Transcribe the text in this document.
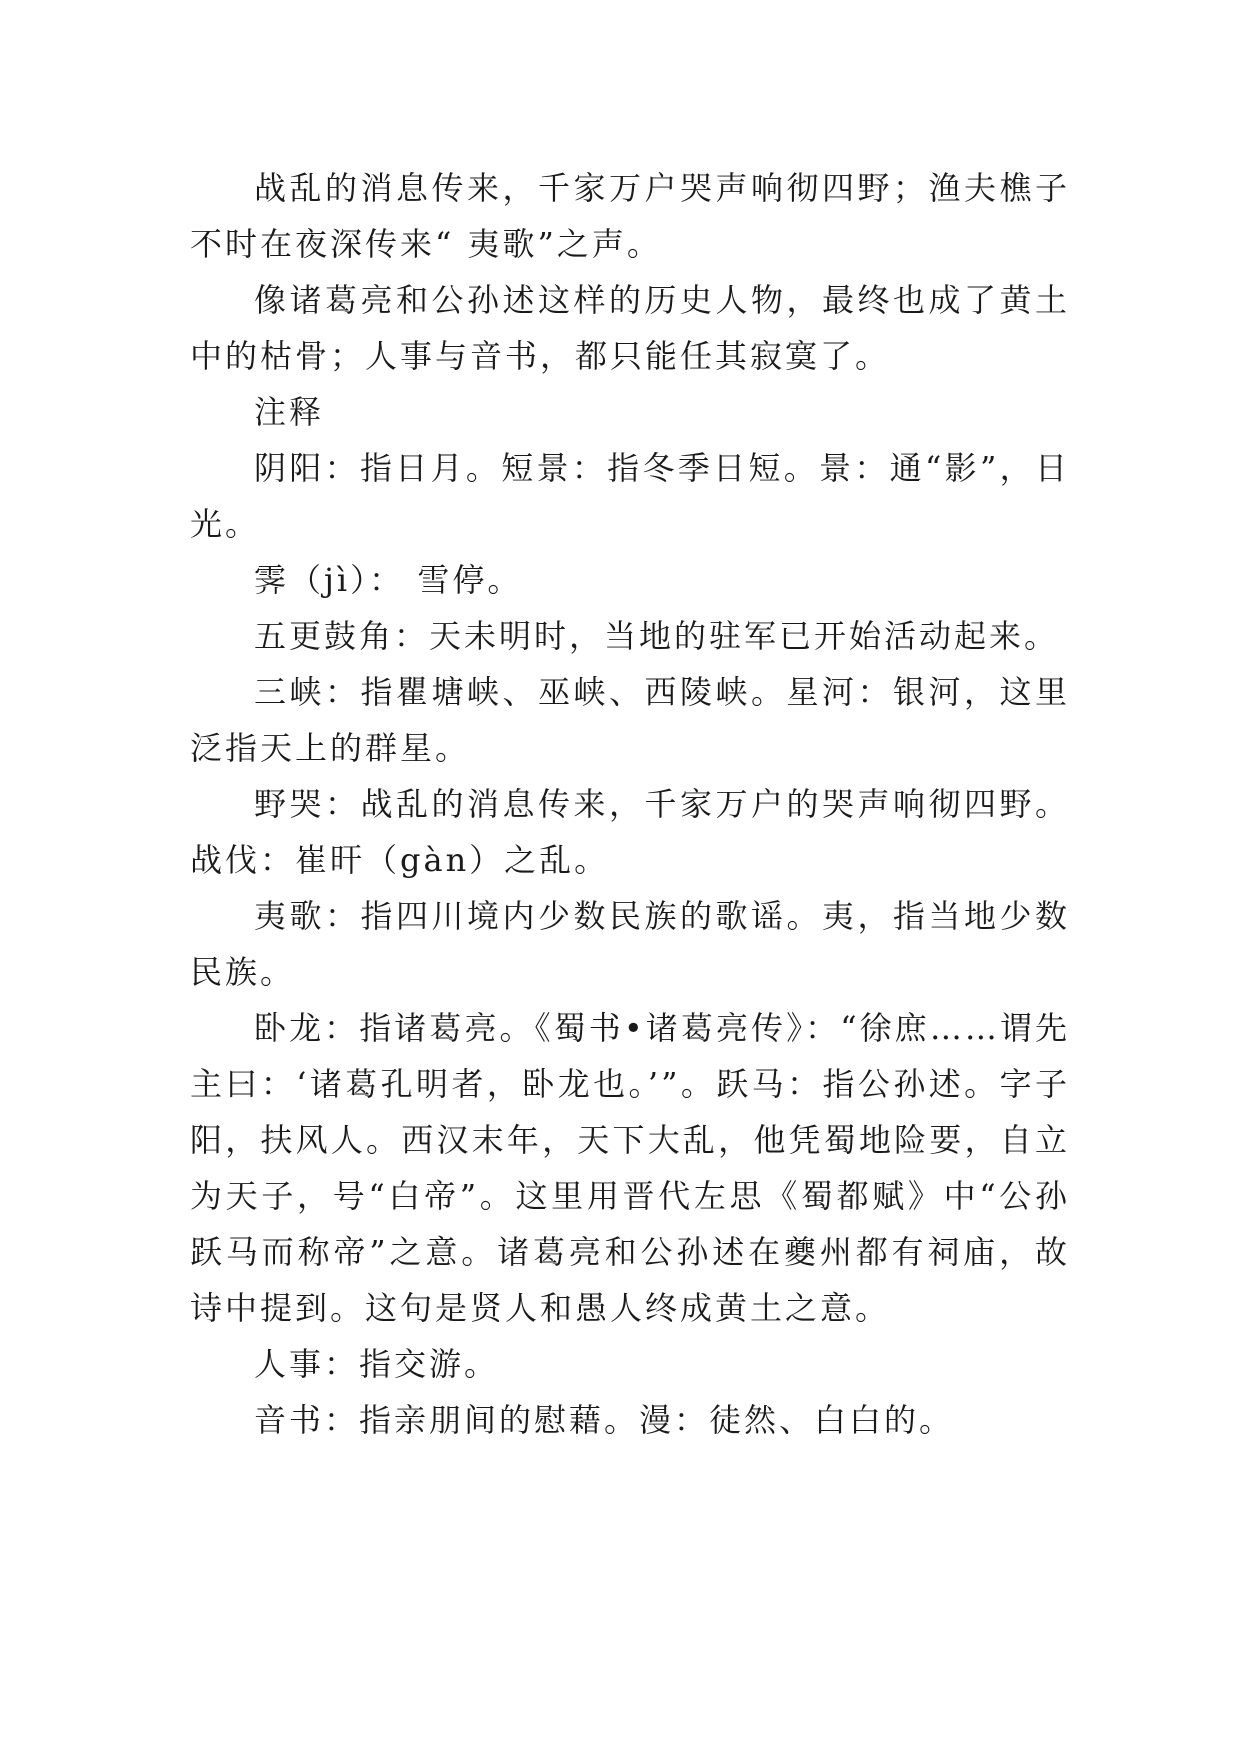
战乱的消息传来，千家万户哭声响彻四野；渔夫樵子不时在夜深传来“ 夷歌”之声。

像诸葛亮和公孙述这样的历史人物，最终也成了黄土中的枯骨；人事与音书，都只能任其寂寞了。

注释

阴阳：指日月。短景：指冬季日短。景：通“影”，日光。

霁（jì）： 雪停。

五更鼓角：天未明时，当地的驻军已开始活动起来。

三峡：指瞿塘峡、巫峡、西陵峡。星河：银河，这里泛指天上的群星。

野哭：战乱的消息传来，千家万户的哭声响彻四野。战伐：崔旰（gàn）之乱。

夷歌：指四川境内少数民族的歌谣。夷，指当地少数民族。

卧龙：指诸葛亮。《蜀书•诸葛亮传》：“徐庶……谓先主曰：‘诸葛孔明者，卧龙也。’”。跃马：指公孙述。字子阳，扶风人。西汉末年，天下大乱，他凭蜀地险要，自立为天子，号“白帝”。这里用晋代左思《蜀都赋》中“公孙跃马而称帝”之意。诸葛亮和公孙述在夔州都有祠庙，故诗中提到。这句是贤人和愚人终成黄土之意。

人事：指交游。

音书：指亲朋间的慰藉。漫：徒然、白白的。
